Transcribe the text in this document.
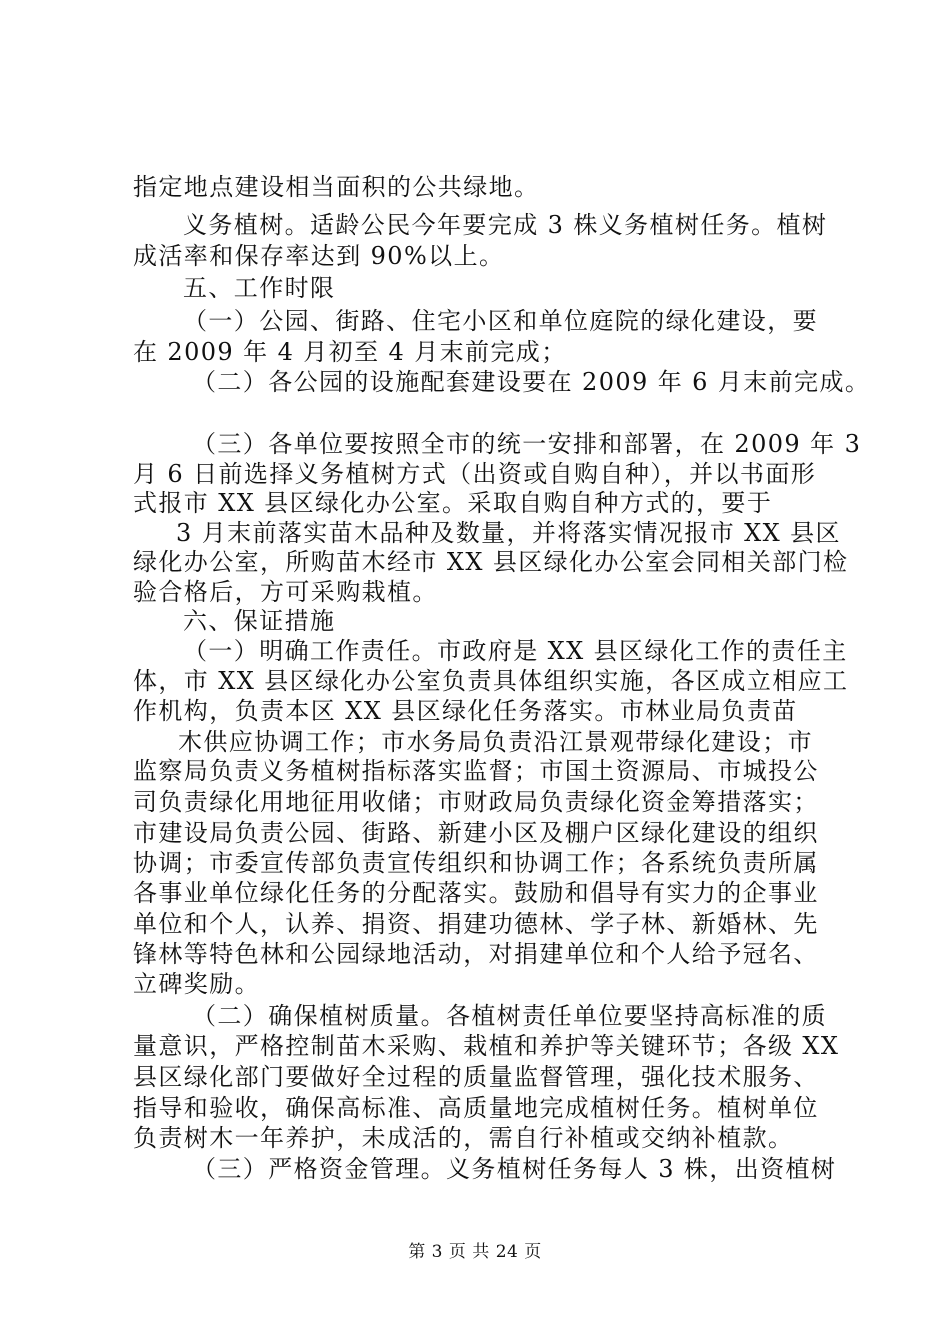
指定地点建设相当面积的公共绿地。
义务植树。适龄公民今年要完成 3 株义务植树任务。植树
成活率和保存率达到 90%以上。
五、工作时限
（一）公园、街路、住宅小区和单位庭院的绿化建设，要
在 2009 年 4 月初至 4 月末前完成；
（二）各公园的设施配套建设要在 2009 年 6 月末前完成。
（三）各单位要按照全市的统一安排和部署，在 2009 年 3
月 6 日前选择义务植树方式（出资或自购自种），并以书面形
式报市 XX 县区绿化办公室。采取自购自种方式的，要于
3 月末前落实苗木品种及数量，并将落实情况报市 XX 县区
绿化办公室，所购苗木经市 XX 县区绿化办公室会同相关部门检
验合格后，方可采购栽植。
六、保证措施
（一）明确工作责任。市政府是 XX 县区绿化工作的责任主
体，市 XX 县区绿化办公室负责具体组织实施，各区成立相应工
作机构，负责本区 XX 县区绿化任务落实。市林业局负责苗
木供应协调工作；市水务局负责沿江景观带绿化建设；市
监察局负责义务植树指标落实监督；市国土资源局、市城投公
司负责绿化用地征用收储；市财政局负责绿化资金筹措落实；
市建设局负责公园、街路、新建小区及棚户区绿化建设的组织
协调；市委宣传部负责宣传组织和协调工作；各系统负责所属
各事业单位绿化任务的分配落实。鼓励和倡导有实力的企事业
单位和个人，认养、捐资、捐建功德林、学子林、新婚林、先
锋林等特色林和公园绿地活动，对捐建单位和个人给予冠名、
立碑奖励。
（二）确保植树质量。各植树责任单位要坚持高标准的质
量意识，严格控制苗木采购、栽植和养护等关键环节；各级 XX
县区绿化部门要做好全过程的质量监督管理，强化技术服务、
指导和验收，确保高标准、高质量地完成植树任务。植树单位
负责树木一年养护，未成活的，需自行补植或交纳补植款。
（三）严格资金管理。义务植树任务每人 3 株，出资植树
第 3 页 共 24 页
